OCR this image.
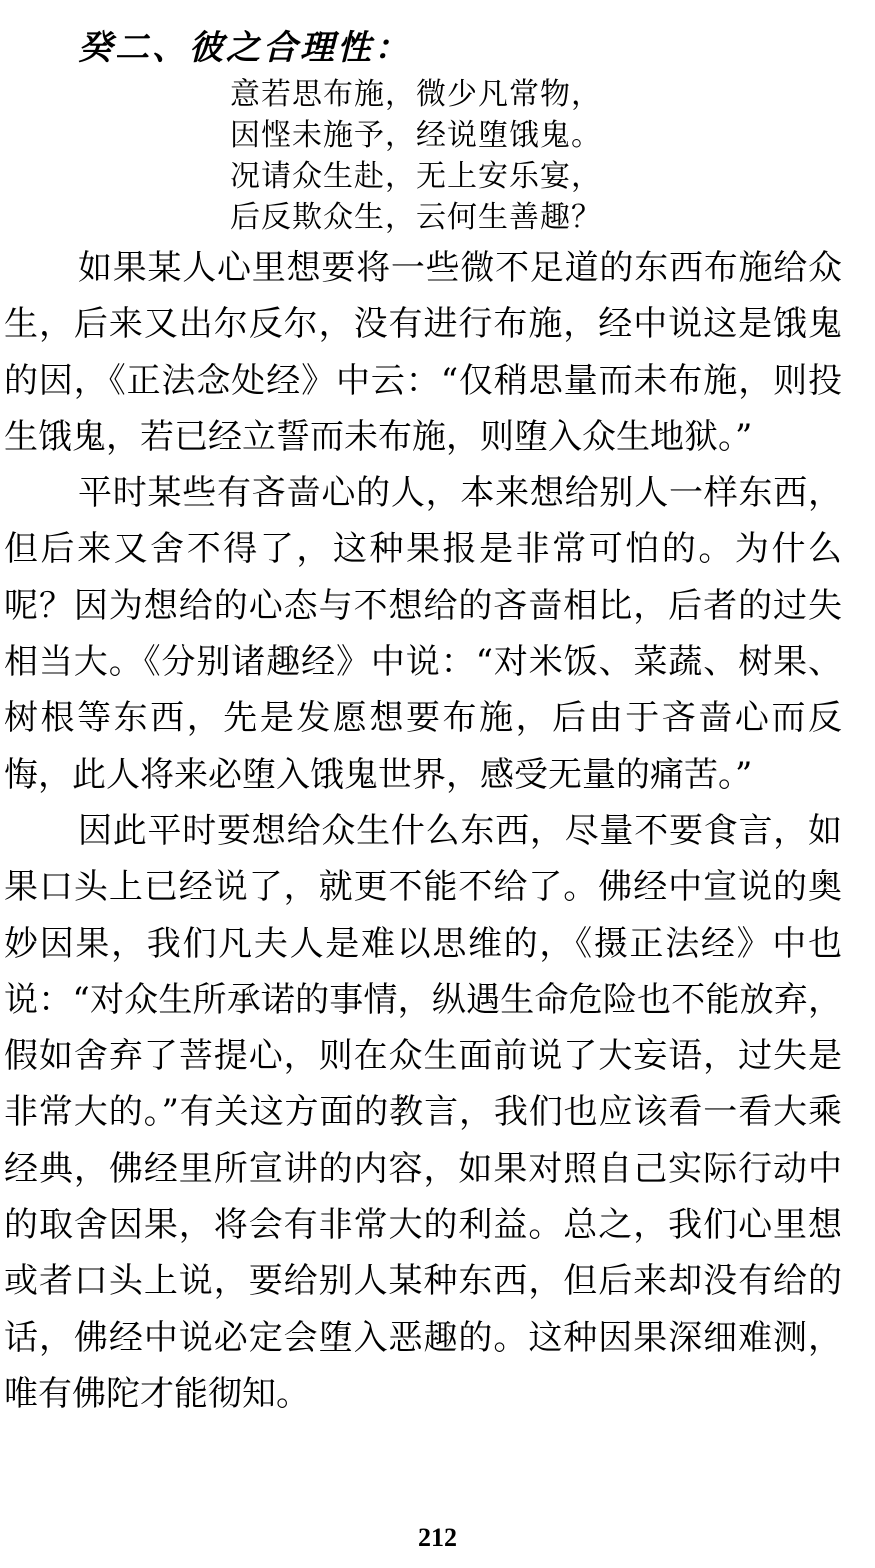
癸二、彼之合理性：
意若思布施，微少凡常物，
因悭未施予，经说堕饿鬼。
况请众生赴，无上安乐宴，
后反欺众生，云何生善趣？

如果某人心里想要将一些微不足道的东西布施给众生，后来又出尔反尔，没有进行布施，经中说这是饿鬼的因，《正法念处经》中云：“仅稍思量而未布施，则投生饿鬼，若已经立誓而未布施，则堕入众生地狱。”

平时某些有吝啬心的人，本来想给别人一样东西，但后来又舍不得了，这种果报是非常可怕的。为什么呢？因为想给的心态与不想给的吝啬相比，后者的过失相当大。《分别诸趣经》中说：“对米饭、菜蔬、树果、树根等东西，先是发愿想要布施，后由于吝啬心而反悔，此人将来必堕入饿鬼世界，感受无量的痛苦。”

因此平时要想给众生什么东西，尽量不要食言，如果口头上已经说了，就更不能不给了。佛经中宣说的奥妙因果，我们凡夫人是难以思维的，《摄正法经》中也说：“对众生所承诺的事情，纵遇生命危险也不能放弃，假如舍弃了菩提心，则在众生面前说了大妄语，过失是非常大的。”有关这方面的教言，我们也应该看一看大乘经典，佛经里所宣讲的内容，如果对照自己实际行动中的取舍因果，将会有非常大的利益。总之，我们心里想或者口头上说，要给别人某种东西，但后来却没有给的话，佛经中说必定会堕入恶趣的。这种因果深细难测，唯有佛陀才能彻知。

212
